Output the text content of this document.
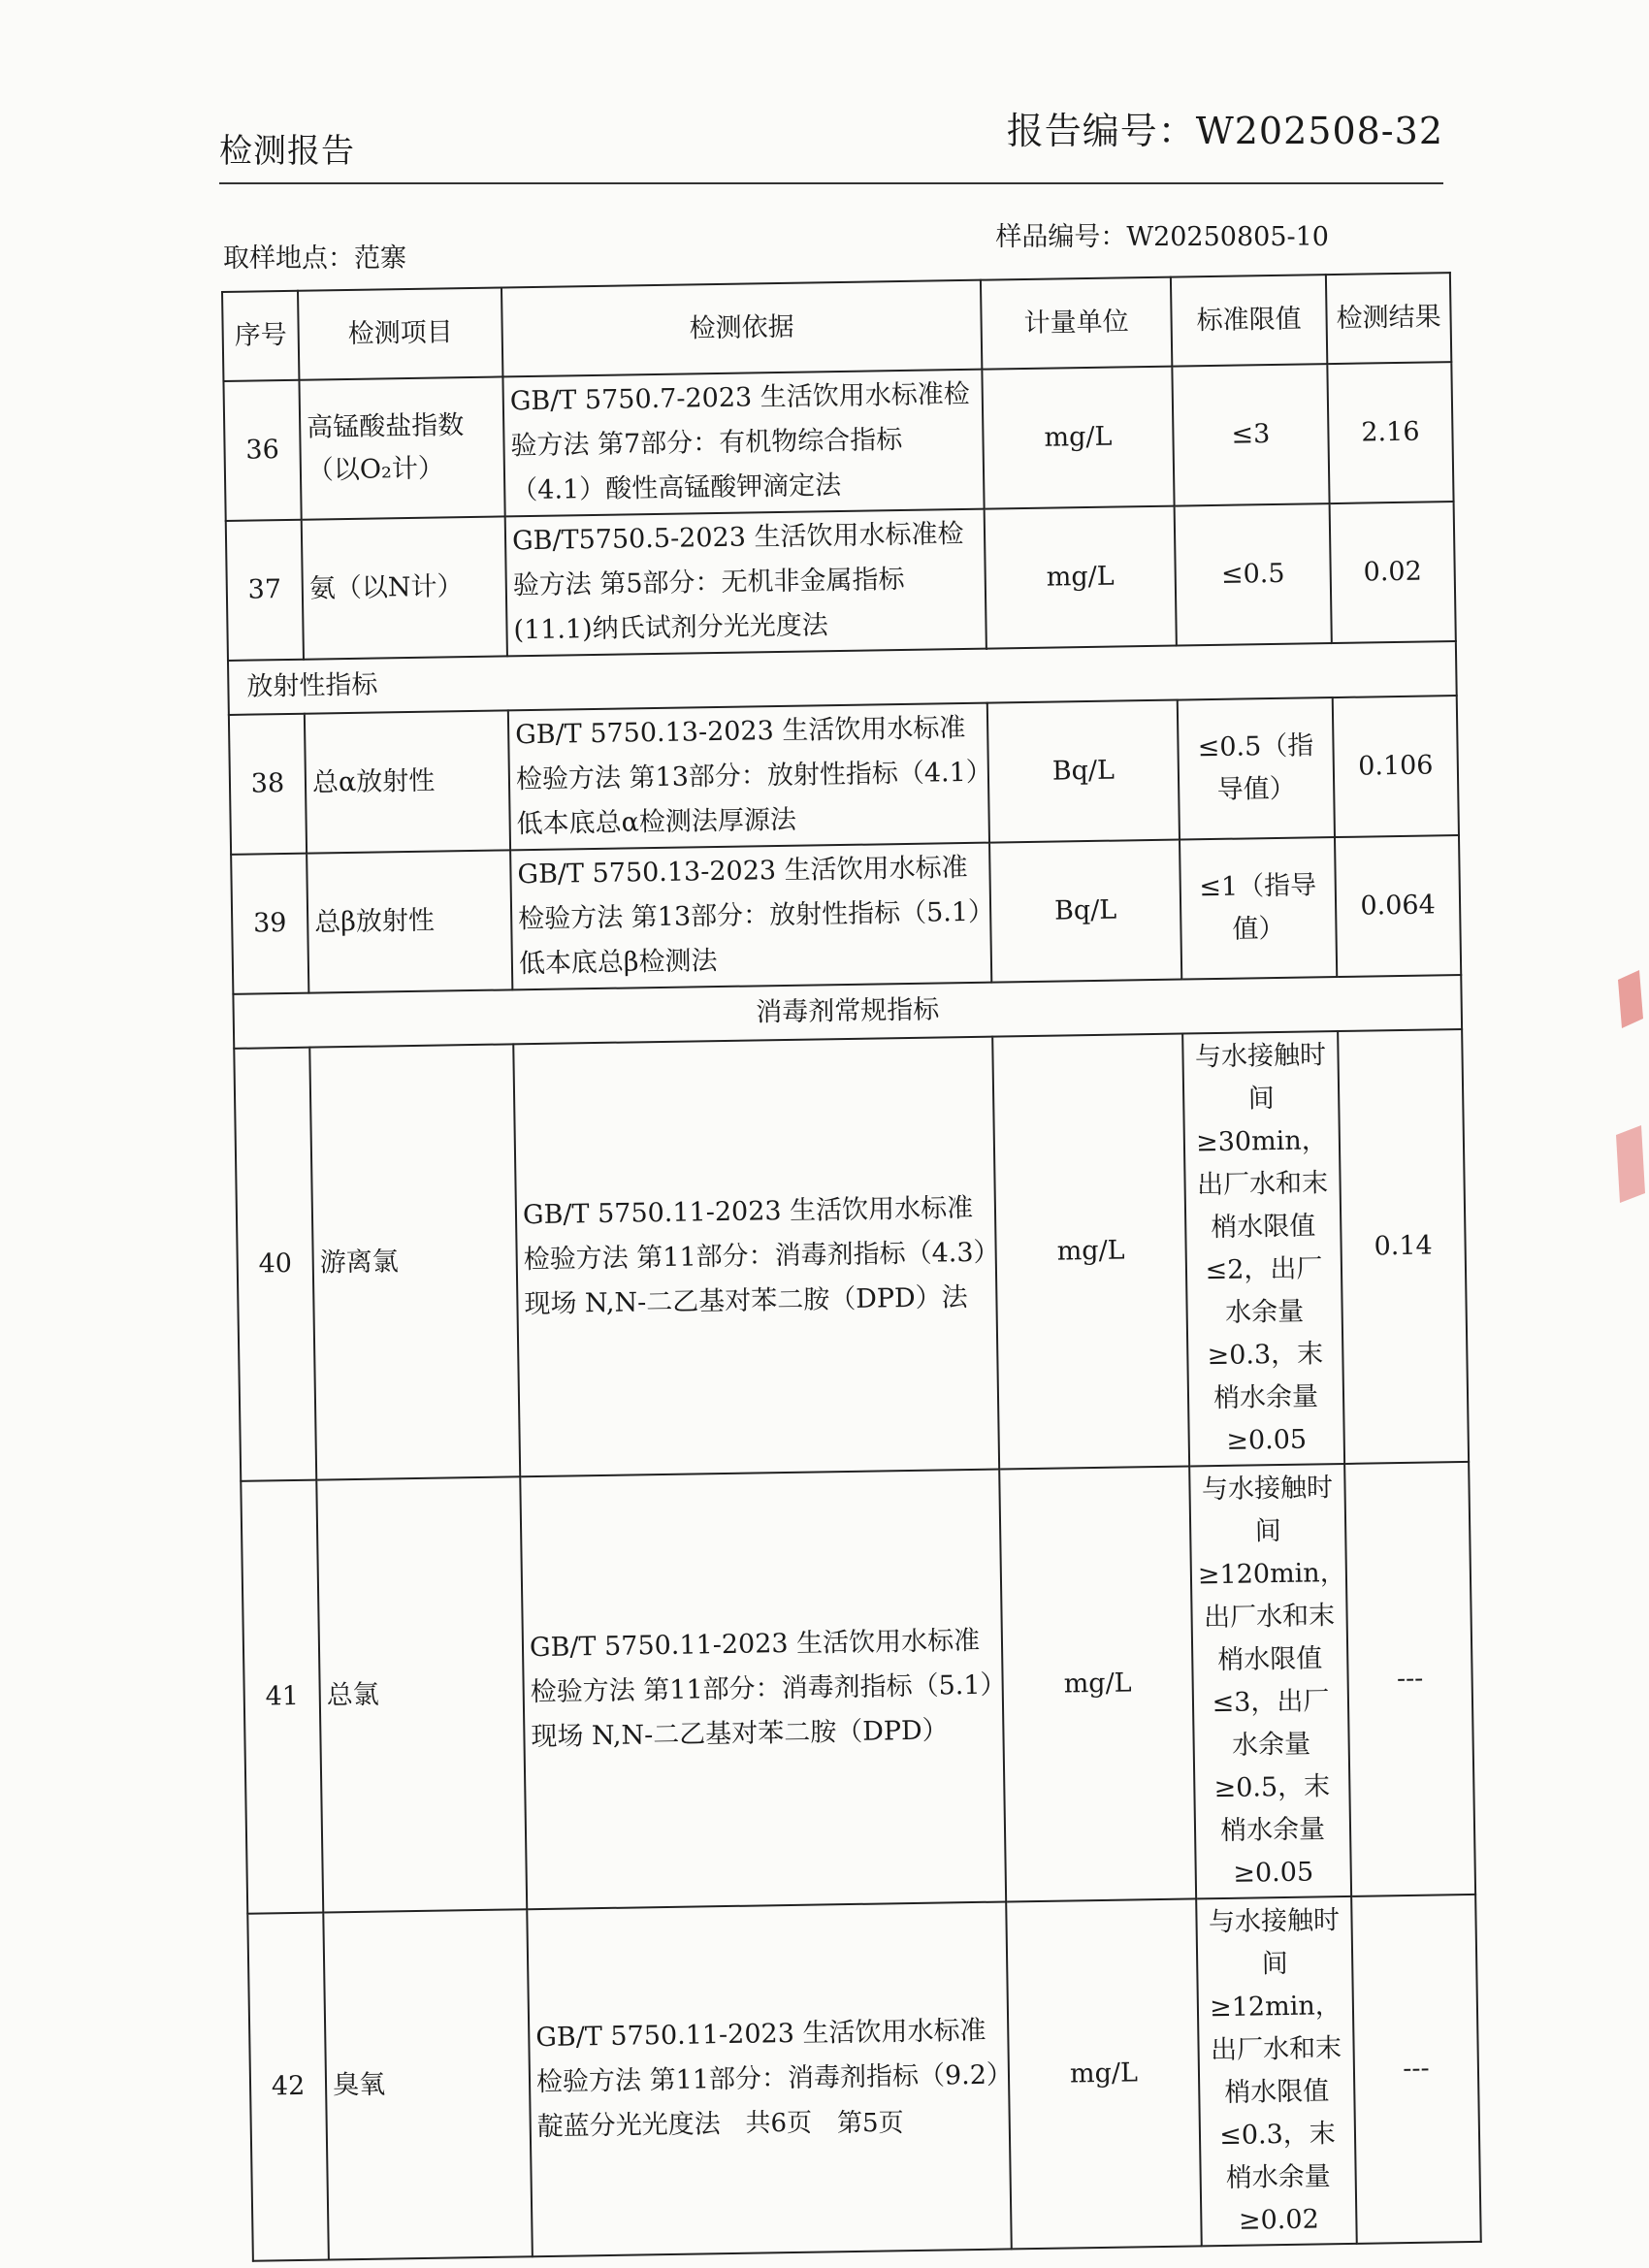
检测报告	报告编号：W202508-32
取样地点：范寨
样品编号：W20250805-10
序号	检测项目	检测依据	计量单位	标准限值	检测结果
36	高锰酸盐指数（以O₂计）	GB/T 5750.7-2023 生活饮用水标准检验方法 第7部分：有机物综合指标（4.1）酸性高锰酸钾滴定法	mg/L	≤3	2.16
37	氨（以N计）	GB/T5750.5-2023 生活饮用水标准检验方法 第5部分：无机非金属指标(11.1)纳氏试剂分光光度法	mg/L	≤0.5	0.02
放射性指标					
38	总α放射性	GB/T 5750.13-2023 生活饮用水标准检验方法 第13部分：放射性指标（4.1）低本底总α检测法厚源法	Bq/L	≤0.5（指导值）	0.106
39	总β放射性	GB/T 5750.13-2023 生活饮用水标准检验方法 第13部分：放射性指标（5.1）低本底总β检测法	Bq/L	≤1（指导值）	0.064
消毒剂常规指标					
40	游离氯	GB/T 5750.11-2023 生活饮用水标准检验方法 第11部分：消毒剂指标（4.3）现场 N,N-二乙基对苯二胺（DPD）法	mg/L	与水接触时间≥30min，出厂水和末梢水限值≤2，出厂水余量≥0.3，末梢水余量≥0.05	0.14
41	总氯	GB/T 5750.11-2023 生活饮用水标准检验方法 第11部分：消毒剂指标（5.1）现场 N,N-二乙基对苯二胺（DPD）	mg/L	与水接触时间≥120min，出厂水和末梢水限值≤3，出厂水余量≥0.5，末梢水余量≥0.05	---
42	臭氧	GB/T 5750.11-2023 生活饮用水标准检验方法 第11部分：消毒剂指标（9.2）靛蓝分光光度法	mg/L	与水接触时间≥12min，出厂水和末梢水限值≤0.3，末梢水余量≥0.02	---
共6页　第5页
